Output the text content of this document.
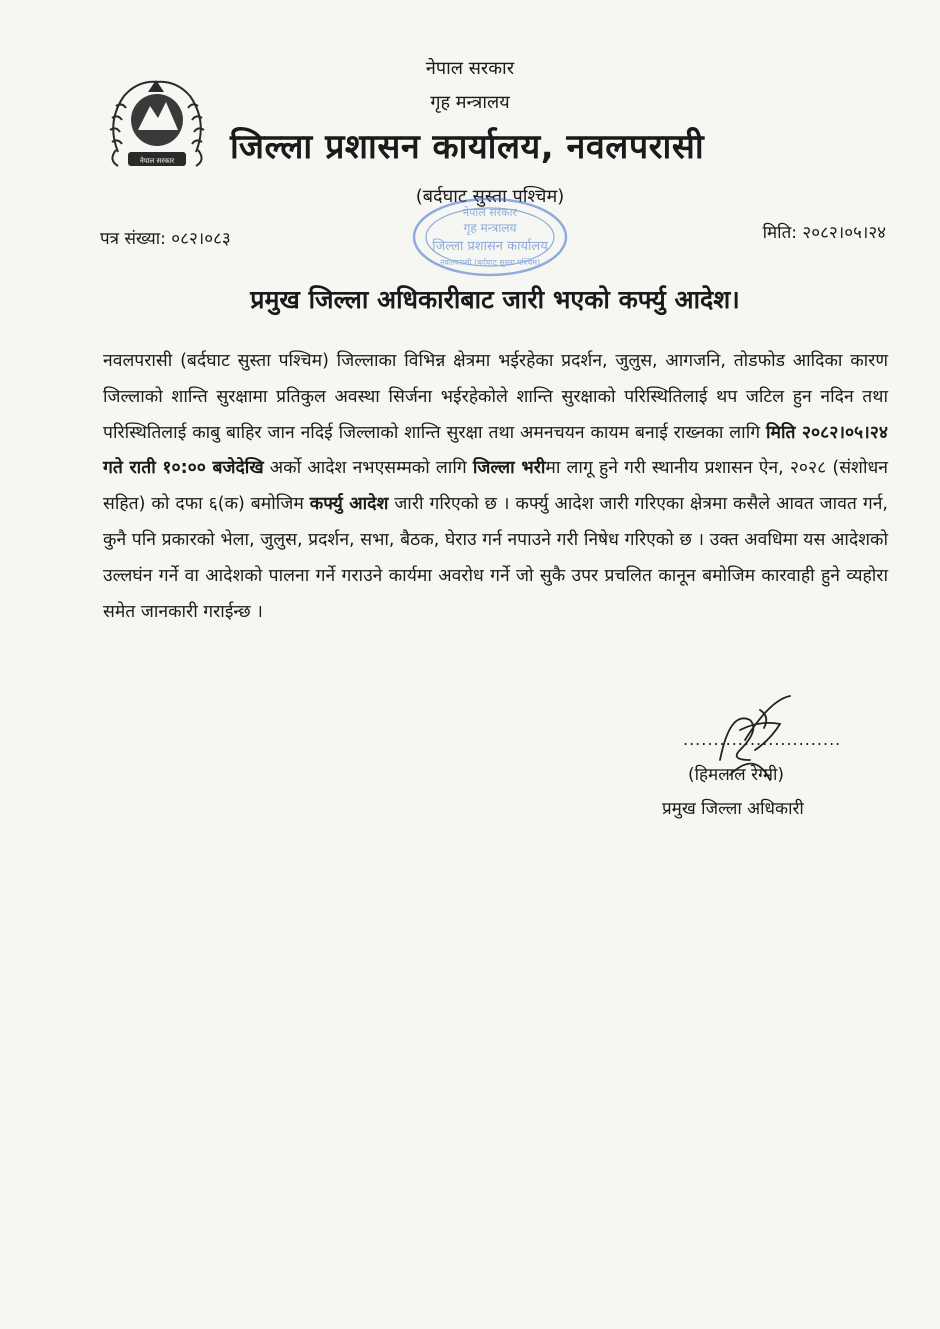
नेपाल सरकार
नेपाल सरकार
गृह मन्त्रालय
जिल्ला प्रशासन कार्यालय, नवलपरासी
(बर्दघाट सुस्ता पश्चिम)
नेपाल सरकार
गृह मन्त्रालय
जिल्ला प्रशासन कार्यालय
नवलपरासी (बर्दघाट सुस्ता पश्चिम)
पत्र संख्या: ०८२।०८३	मिति: २०८२।०५।२४
प्रमुख जिल्ला अधिकारीबाट जारी भएको कर्फ्यु आदेश।
नवलपरासी (बर्दघाट सुस्ता पश्चिम) जिल्लाका विभिन्न क्षेत्रमा भईरहेका प्रदर्शन, जुलुस, आगजनि, तोडफोड आदिका कारण जिल्लाको शान्ति सुरक्षामा प्रतिकुल अवस्था सिर्जना भईरहेकोले शान्ति सुरक्षाको परिस्थितिलाई थप जटिल हुन नदिन तथा परिस्थितिलाई काबु बाहिर जान नदिई जिल्लाको शान्ति सुरक्षा तथा अमनचयन कायम बनाई राख्नका लागि मिति २०८२।०५।२४ गते राती १०:०० बजेदेखि अर्को आदेश नभएसम्मको लागि जिल्ला भरीमा लागू हुने गरी स्थानीय प्रशासन ऐन, २०२८ (संशोधन सहित) को दफा ६(क) बमोजिम कर्फ्यु आदेश जारी गरिएको छ । कर्फ्यु आदेश जारी गरिएका क्षेत्रमा कसैले आवत जावत गर्न, कुनै पनि प्रकारको भेला, जुलुस, प्रदर्शन, सभा, बैठक, घेराउ गर्न नपाउने गरी निषेध गरिएको छ । उक्त अवधिमा यस आदेशको उल्लघंन गर्ने वा आदेशको पालना गर्ने गराउने कार्यमा अवरोध गर्ने जो सुकै उपर प्रचलित कानून बमोजिम कारवाही हुने व्यहोरा समेत जानकारी गराईन्छ ।
..........................
(हिमलाल रेग्मी)
प्रमुख जिल्ला अधिकारी
